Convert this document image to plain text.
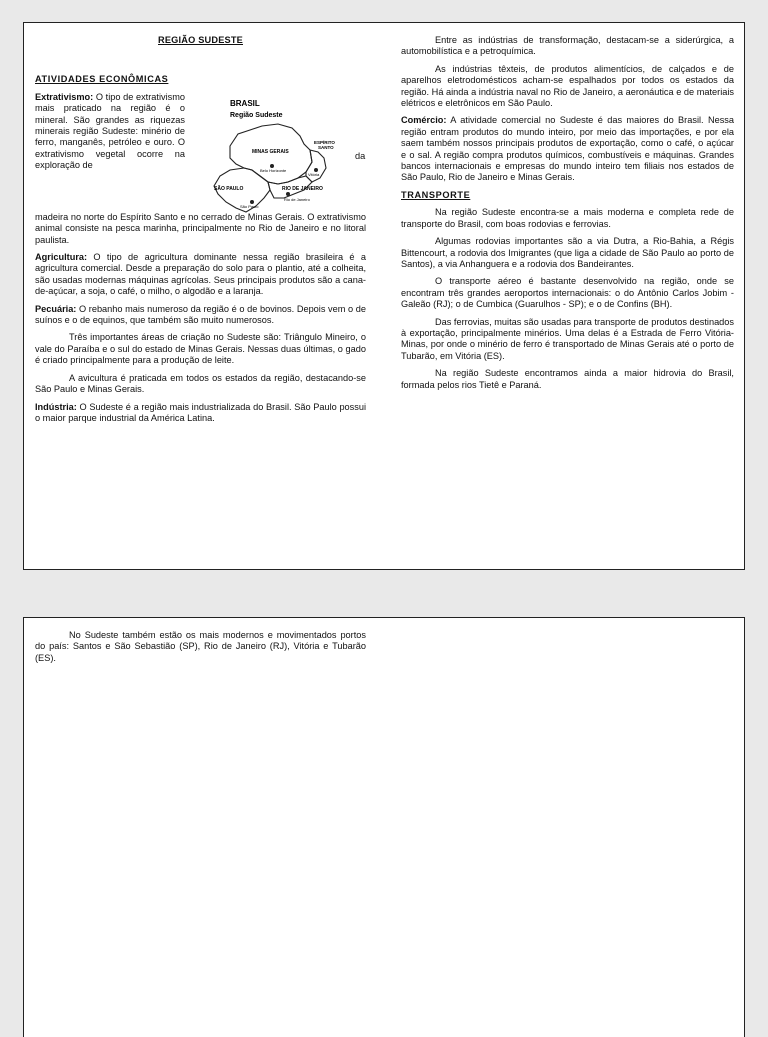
REGIÃO SUDESTE
ATIVIDADES ECONÔMICAS
BRASIL
Região Sudeste
MINAS GERAIS
ESPÍRITO
SANTO
SÃO PAULO	RIO DE JANEIRO
Belo Horizonte
Vitória
São Paulo
Rio de Janeiro
Extrativismo: O tipo de extrativismo mais praticado na região é o mineral. São grandes as riquezas minerais região Sudeste: minério de ferro, manganês, petróleo e ouro. O extrativismo vegetal ocorre na exploração de
da

madeira no norte do Espírito Santo e no cerrado de Minas Gerais. O extrativismo animal consiste na pesca marinha, principalmente no Rio de Janeiro e no litoral paulista.

Agricultura: O tipo de agricultura dominante nessa região brasileira é a agricultura comercial. Desde a preparação do solo para o plantio, até a colheita, são usadas modernas máquinas agrícolas. Seus principais produtos são a cana-de-açúcar, a soja, o café, o milho, o algodão e a laranja.

Pecuária: O rebanho mais numeroso da região é o de bovinos. Depois vem o de suínos e o de equinos, que também são muito numerosos.

Três importantes áreas de criação no Sudeste são: Triângulo Mineiro, o vale do Paraíba e o sul do estado de Minas Gerais. Nessas duas últimas, o gado é criado principalmente para a produção de leite.

A avicultura é praticada em todos os estados da região, destacando-se São Paulo e Minas Gerais.

Indústria: O Sudeste é a região mais industrializada do Brasil. São Paulo possui o maior parque industrial da América Latina.

Entre as indústrias de transformação, destacam-se a siderúrgica, a automobilística e a petroquímica.

As indústrias têxteis, de produtos alimentícios, de calçados e de aparelhos eletrodomésticos acham-se espalhados por todos os estados da região. Há ainda a indústria naval no Rio de Janeiro, a aeronáutica e de materiais elétricos e eletrônicos em São Paulo.

Comércio: A atividade comercial no Sudeste é das maiores do Brasil. Nessa região entram produtos do mundo inteiro, por meio das importações, e por ela saem também nossos principais produtos de exportação, como o café, o açúcar e o sal. A região compra produtos químicos, combustíveis e máquinas. Grandes bancos internacionais e empresas do mundo inteiro tem filiais nos estados de São Paulo, Rio de Janeiro e Minas Gerais.

TRANSPORTE

Na região Sudeste encontra-se a mais moderna e completa rede de transporte do Brasil, com boas rodovias e ferrovias.

Algumas rodovias importantes são a via Dutra, a Rio-Bahia, a Régis Bittencourt, a rodovia dos Imigrantes (que liga a cidade de São Paulo ao porto de Santos), a via Anhanguera e a rodovia dos Bandeirantes.

O transporte aéreo é bastante desenvolvido na região, onde se encontram três grandes aeroportos internacionais: o do Antônio Carlos Jobim - Galeão (RJ); o de Cumbica (Guarulhos - SP); e o de Confins (BH).

Das ferrovias, muitas são usadas para transporte de produtos destinados à exportação, principalmente minérios. Uma delas é a Estrada de Ferro Vitória-Minas, por onde o minério de ferro é transportado de Minas Gerais até o porto de Tubarão, em Vitória (ES).

Na região Sudeste encontramos ainda a maior hidrovia do Brasil, formada pelos rios Tietê e Paraná.

No Sudeste também estão os mais modernos e movimentados portos do país: Santos e São Sebastião (SP), Rio de Janeiro (RJ), Vitória e Tubarão (ES).
